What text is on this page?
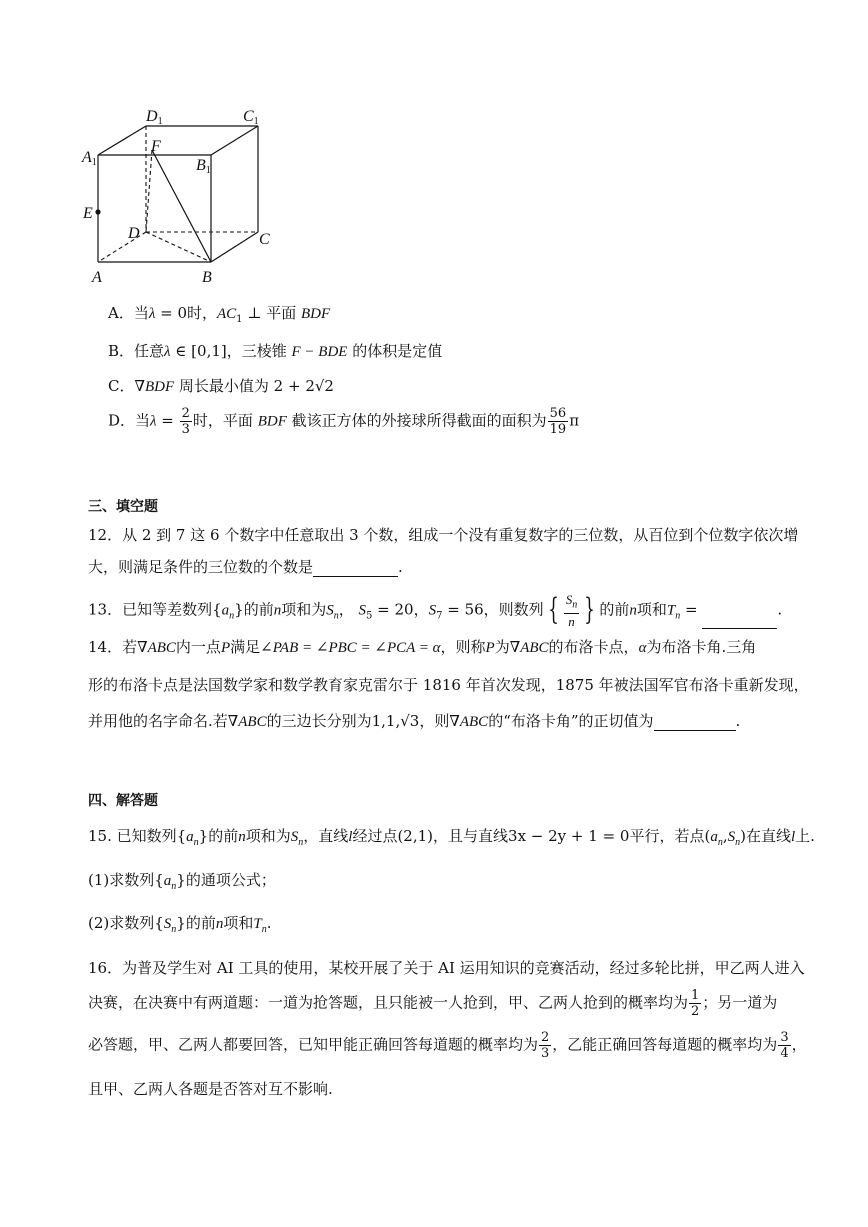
D1	C1
A1
F
B1
E
D	C
A	B
A．当λ = 0时，$AC_1$ ⊥ 平面 BDF
B．任意λ ∈ [0,1]，三棱锥 F − BDE 的体积是定值
C．∇BDF 周长最小值为 2 + 2√2
D．当$\lambda = \frac{2}{3}$ 时，平面 BDF 截该正方体的外接球所得截面的面积为 $\frac{56}{19}$ π
三、填空题
12．从 2 到 7 这 6 个数字中任意取出 3 个数，组成一个没有重复数字的三位数，从百位到个位数字依次增
大，则满足条件的三位数的个数是	.
13．已知等差数列$\{a_n\}$的前n项和为$S_n$， $S_5 = 20$，$S_7 = 56$，则数列 { $\frac{S_n}{n}$ } 的前n项和$T_n$ =	.
14．若∇ABC内一点P满足∠PAB = ∠PBC = ∠PCA = α，则称P为∇ABC的布洛卡点，α为布洛卡角.三角
形的布洛卡点是法国数学家和数学教育家克雷尔于 1816 年首次发现，1875 年被法国军官布洛卡重新发现，
并用他的名字命名.若∇ABC的三边长分别为1,1,√3，则∇ABC的“布洛卡角”的正切值为	.
四、解答题
15. 已知数列$\{a_n\}$的前n项和为$S_n$，直线l经过点(2,1)，且与直线3x − 2y + 1 = 0平行，若点$(a_n,S_n)$在直线l上.
(1)求数列$\{a_n\}$的通项公式；
(2)求数列$\{S_n\}$的前n项和$T_n$.
16．为普及学生对 AI 工具的使用，某校开展了关于 AI 运用知识的竞赛活动，经过多轮比拼，甲乙两人进入
决赛，在决赛中有两道题：一道为抢答题，且只能被一人抢到，甲、乙两人抢到的概率均为 $\frac{1}{2}$ ；另一道为
必答题，甲、乙两人都要回答，已知甲能正确回答每道题的概率均为 $\frac{2}{3}$ ，乙能正确回答每道题的概率均为 $\frac{3}{4}$ ，
且甲、乙两人各题是否答对互不影响.
